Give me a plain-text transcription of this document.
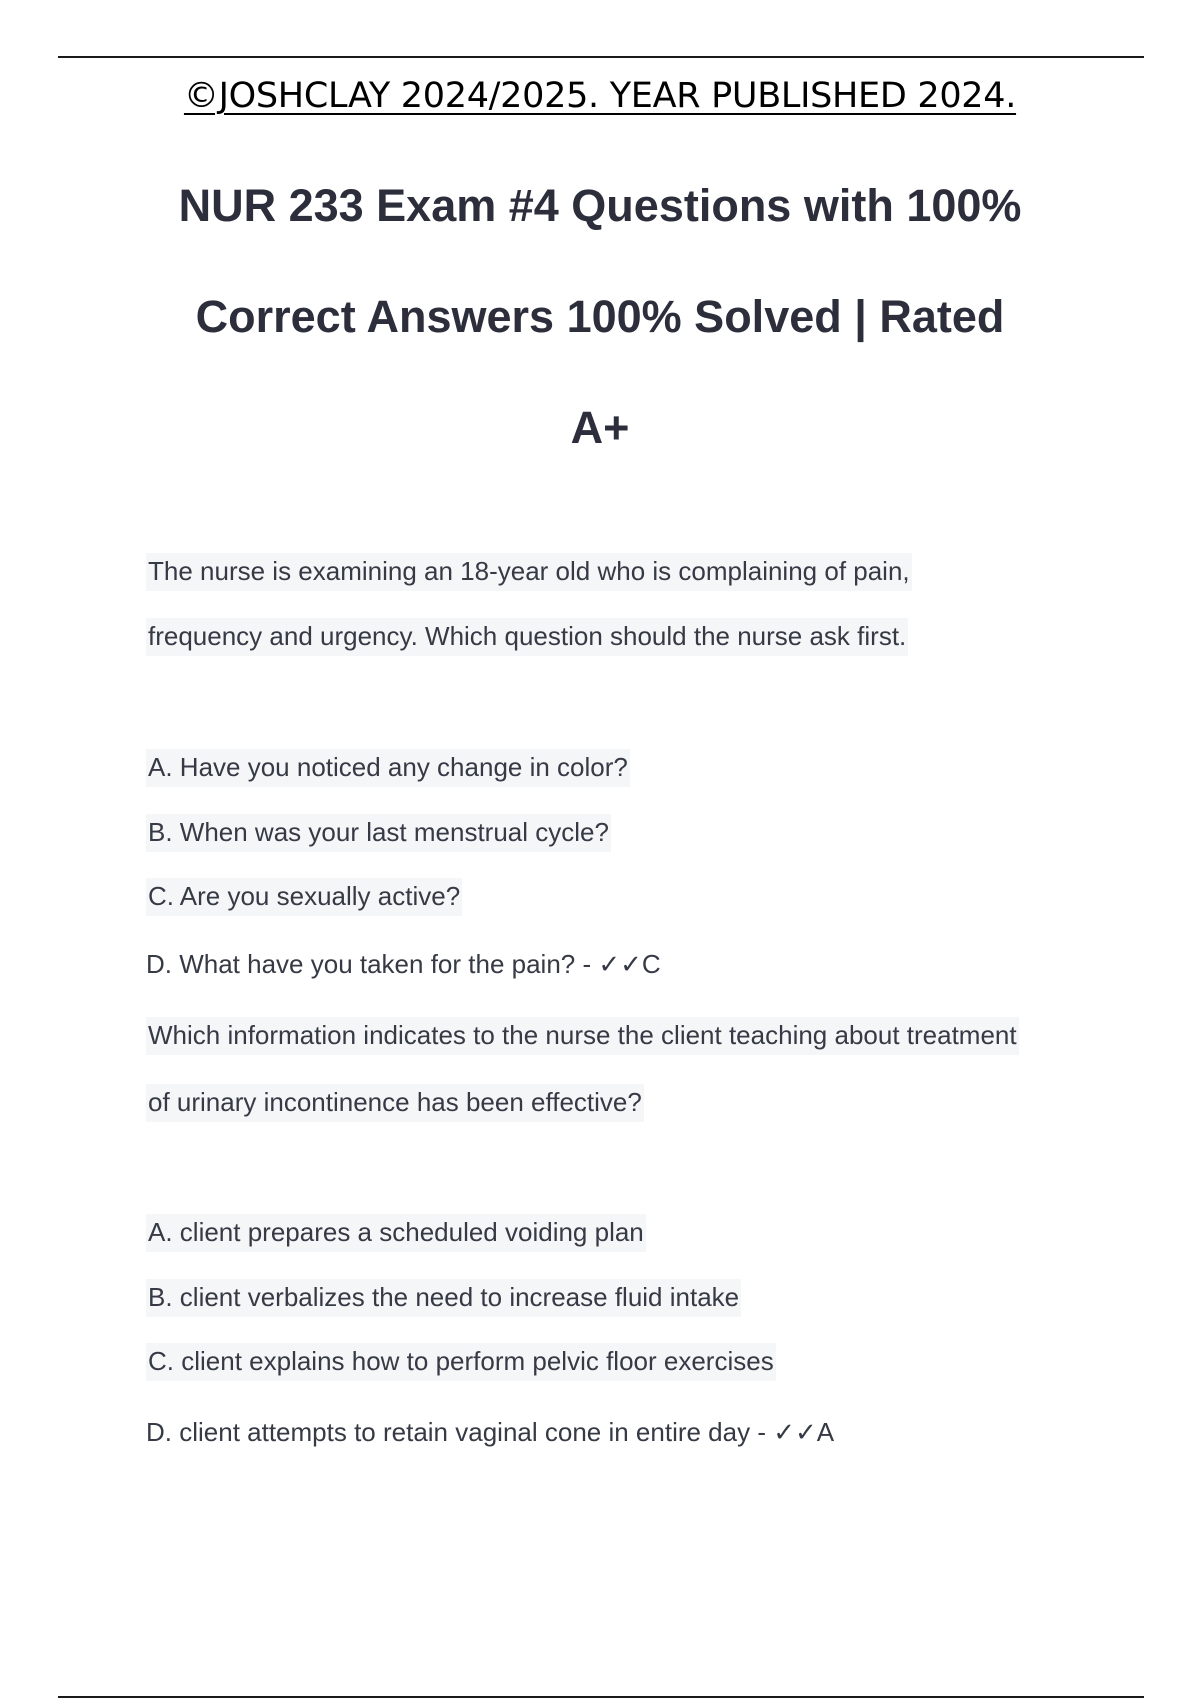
©JOSHCLAY 2024/2025. YEAR PUBLISHED 2024.
NUR 233 Exam #4 Questions with 100%
Correct Answers 100% Solved | Rated
A+
The nurse is examining an 18-year old who is complaining of pain,
frequency and urgency. Which question should the nurse ask first.
A. Have you noticed any change in color?
B. When was your last menstrual cycle?
C. Are you sexually active?
D. What have you taken for the pain? - ✓✓C
Which information indicates to the nurse the client teaching about treatment
of urinary incontinence has been effective?
A. client prepares a scheduled voiding plan
B. client verbalizes the need to increase fluid intake
C. client explains how to perform pelvic floor exercises
D. client attempts to retain vaginal cone in entire day - ✓✓A
